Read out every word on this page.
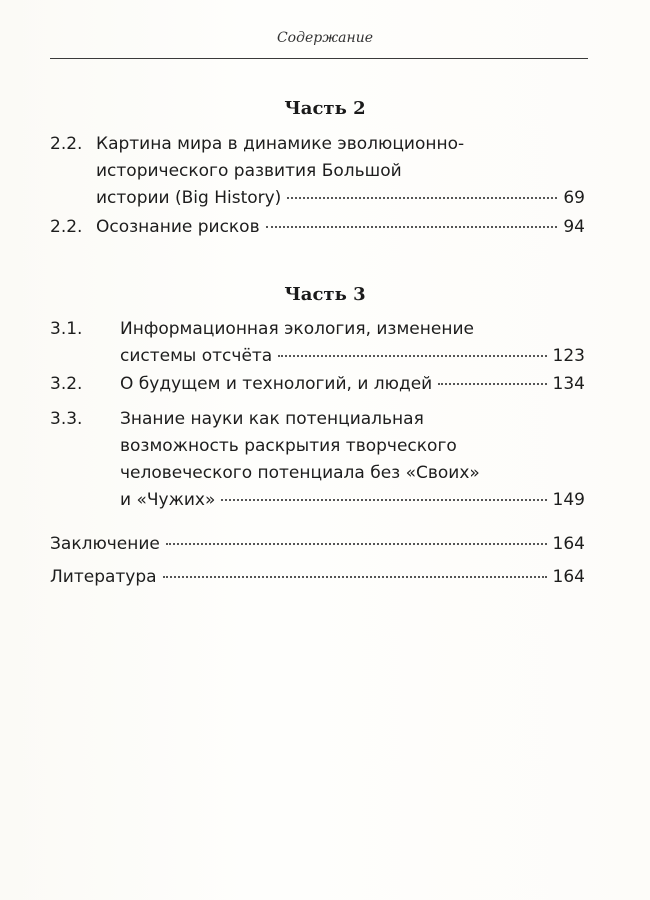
Содержание
Часть 2
2.2. Картина мира в динамике эволюционно-
исторического развития Большой
истории (Big History)	69
2.2. Осознание рисков	94
Часть 3
3.1.	Информационная экология, изменение
системы отсчёта	123
3.2.	О будущем и технологий, и людей	134
3.3.	Знание науки как потенциальная
возможность раскрытия творческого
человеческого потенциала без «Своих»
и «Чужих»	149
Заключение	164
Литература	164
